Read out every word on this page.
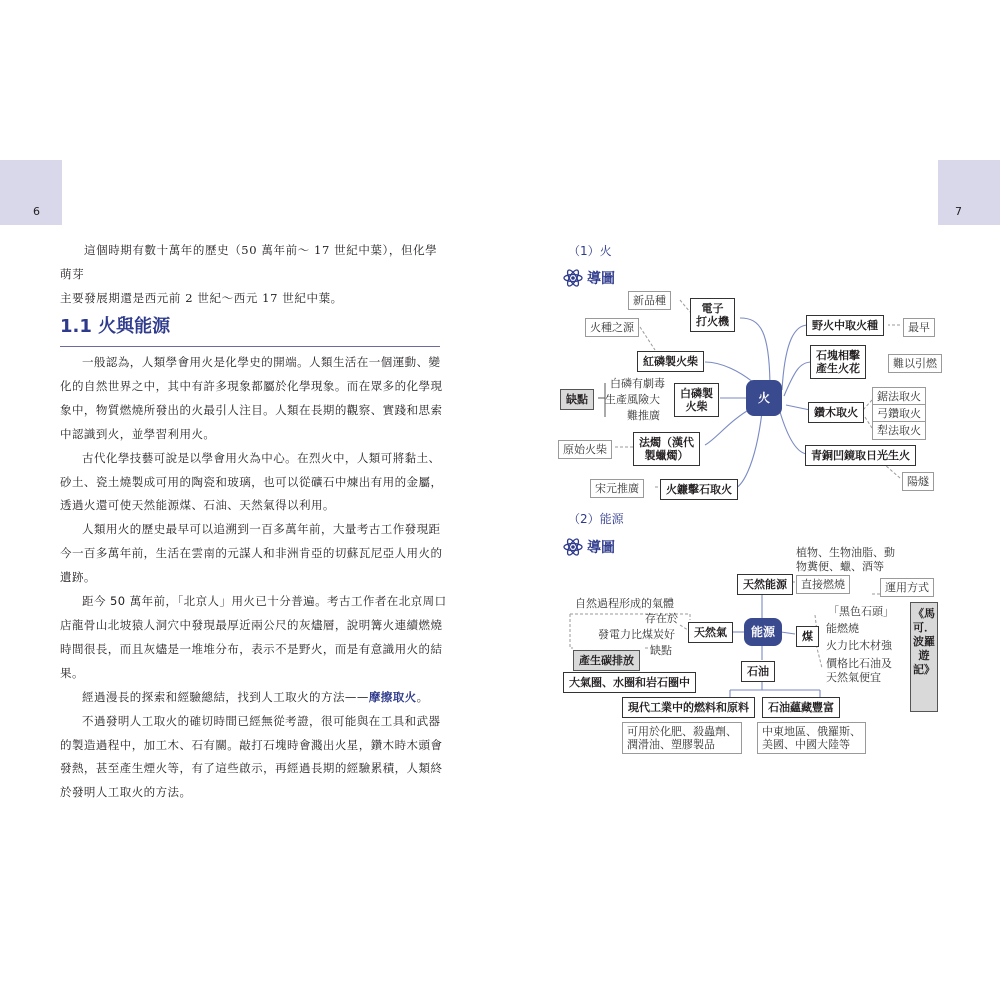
6	7

這個時期有數十萬年的歷史（50 萬年前～ 17 世紀中葉），但化學萌芽

主要發展期還是西元前 2 世紀～西元 17 世紀中葉。

1.1 火與能源

一般認為，人類學會用火是化學史的開端。人類生活在一個運動、變化的自然世界之中，其中有許多現象都屬於化學現象。而在眾多的化學現象中，物質燃燒所發出的火最引人注目。人類在長期的觀察、實踐和思索中認識到火，並學習利用火。

古代化學技藝可說是以學會用火為中心。在烈火中，人類可將黏土、砂土、瓷土燒製成可用的陶瓷和玻璃，也可以從礦石中煉出有用的金屬，透過火還可使天然能源煤、石油、天然氣得以利用。

人類用火的歷史最早可以追溯到一百多萬年前，大量考古工作發現距今一百多萬年前，生活在雲南的元謀人和非洲肯亞的切蘇瓦尼亞人用火的遺跡。

距今 50 萬年前，「北京人」用火已十分普遍。考古工作者在北京周口店龍骨山北坡猿人洞穴中發現最厚近兩公尺的灰燼層，說明篝火連續燃燒時間很長，而且灰燼是一堆堆分布，表示不是野火，而是有意識用火的結果。

經過漫長的探索和經驗總結，找到人工取火的方法——摩擦取火。

不過發明人工取火的確切時間已經無從考證，很可能與在工具和武器的製造過程中，加工木、石有關。敲打石塊時會濺出火星，鑽木時木頭會發熱，甚至產生煙火等，有了這些啟示，再經過長期的經驗累積，人類終於發明人工取火的方法。

（1）火
導圖
火
新品種
電子
打火機
火種之源
紅磷製火柴
缺點
白磷有劇毒
生產風險大
難推廣
白磷製
火柴
原始火柴
法燭（漢代
製蠟燭）
宋元推廣	火鐮擊石取火
野火中取火種	最早
石塊相擊
產生火花	難以引燃
鑽木取火
鋸法取火
弓鑽取火
犁法取火
青銅凹鏡取日光生火
陽燧
（2）能源
導圖	植物、生物油脂、動
物糞便、蠟、酒等
天然能源	直接燃燒	運用方式
自然過程形成的氣體
存在於
發電力比煤炭好
缺點
天然氣	能源	煤
產生碳排放
大氣圈、水圈和岩石圈中
石油
「黑色石頭」
能燃燒
火力比木材強
價格比石油及
天然氣便宜
《馬可．波羅遊記》
現代工業中的燃料和原料	石油蘊藏豐富
可用於化肥、殺蟲劑、
潤滑油、塑膠製品
中東地區、俄羅斯、
美國、中國大陸等
